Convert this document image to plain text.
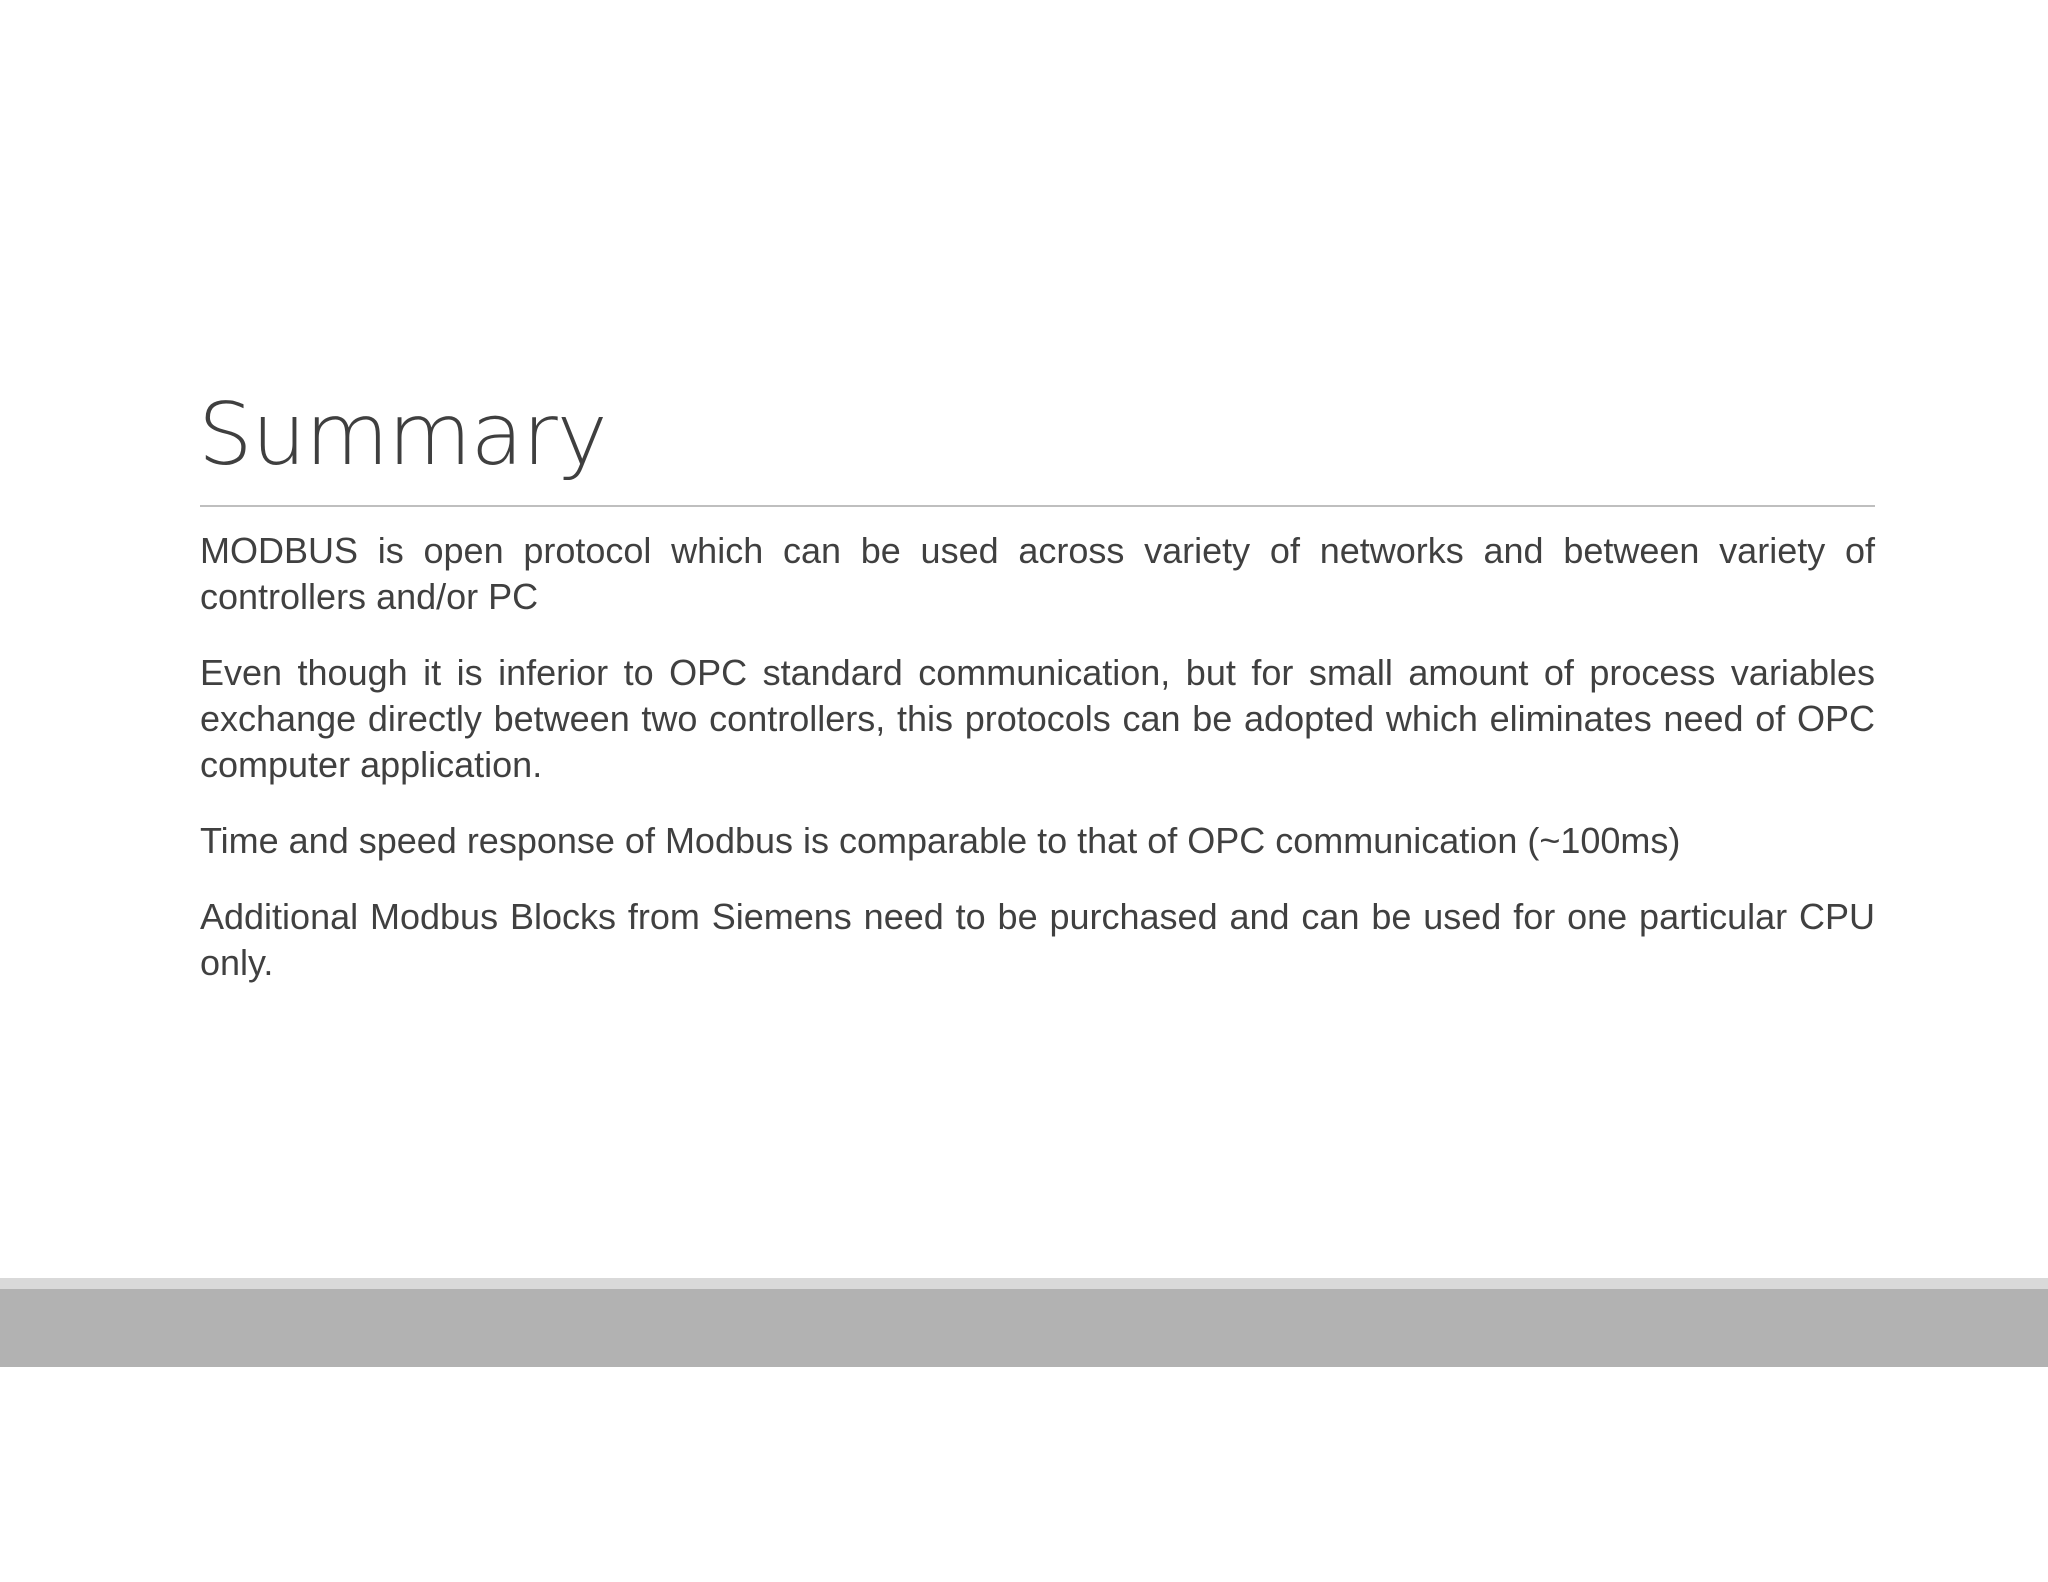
Summary

MODBUS is open protocol which can be used across variety of networks and between variety of controllers and/or PC

Even though it is inferior to OPC standard communication, but for small amount of process variables exchange directly between two controllers, this protocols can be adopted which eliminates need of OPC computer application.

Time and speed response of Modbus is comparable to that of OPC communication (~100ms)

Additional Modbus Blocks from Siemens need to be purchased and can be used for one particular CPU only.
